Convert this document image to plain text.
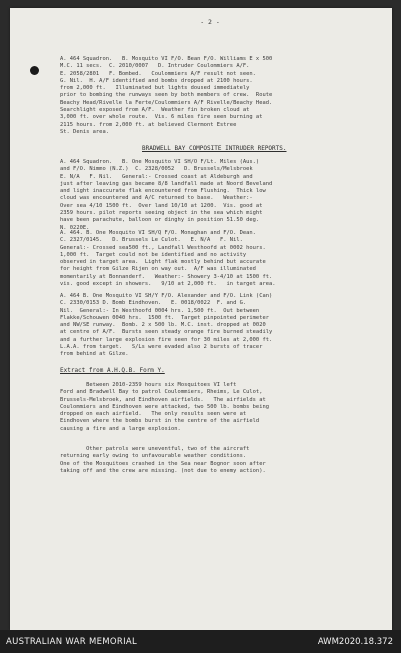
- 2 -
A. 464 Squadron.   B. Mosquito VI F/O. Bean F/O. Williams E x 500
M.C. 11 secs.  C. 2010/0007   D. Intruder Coulommiers A/F.
E. 2058/2801   F. Bombed.   Coulommiers A/F result not seen.
G. Nil.  H. A/F identified and bombs dropped at 2100 hours.
from 2,000 ft.   Illuminated but lights doused immediately
prior to bombing the runways seen by both members of crew.  Route
Beachy Head/Rivelle la Ferte/Coulommiers A/F Rivelle/Beachy Head.
Searchlight exposed from A/F.  Weather fin broken cloud at
3,000 ft. over whole route.  Vis. 6 miles fire seen burning at
2115 hours. from 2,000 ft. at believed Clermont Estree
St. Denis area.
BRADWELL BAY COMPOSITE INTRUDER REPORTS.
A. 464 Squadron.   B. One Mosquito VI SH/O F/Lt. Miles (Aus.)
and F/O. Nimmo (N.Z.)  C. 2328/0052   D. Brussels/Melsbroek
E. N/A   F. Nil.   General:- Crossed coast at Aldeburgh and
just after leaving gas became 8/8 landfall made at Noord Beveland
and light inaccurate flak encountered from Flushing.  Thick low
cloud was encountered and A/C returned to base.   Weather:-
Over sea 4/10 1500 ft.  Over land 10/10 at 1200.  Vis. good at
2359 hours. pilot reports seeing object in the sea which might
have been parachute, balloon or dinghy in position 51.50 deg.
N. 0220E.
A. 464. B. One Mosquito VI SH/Q F/O. Monaghan and F/O. Dean.
C. 2327/0145.   D. Brussels Le Culot.   E. N/A   F. Nil.
General:- Crossed sea500 ft., Landfall Westhoofd at 0002 hours.
1,000 ft.  Target could not be identified and no activity
observed in target area.  Light flak mostly behind but accurate
for height from Gilze Rijen on way out.  A/F was illuminated
momentarily at Bonnanderf.   Weather:- Showery 3-4/10 at 1500 ft.
vis. good except in showers.   9/10 at 2,000 ft.   in target area.
A. 464 B. One Mosquito VI SH/Y F/O. Alexander and F/O. Link (Can)
C. 2330/0153 D. Bomb Eindhoven.   E. 0018/0022  F. and G.
Nil.  General:- In Westhoofd 0004 hrs. 1,500 ft.  Out between
Flakke/Schouwen 0040 hrs.  1500 ft.  Target pinpointed perimeter
and NW/SE runway.  Bomb. 2 x 500 lb. M.C. inst. dropped at 0020
at centre of A/F.  Bursts seen steady orange fire burned steadily
and a further large explosion fire seen for 30 miles at 2,000 ft.
L.A.A. from target.   S/Ls were evaded also 2 bursts of tracer
from behind at Gilze.
Extract from A.H.Q.B. Form Y.
Between 2010-2359 hours six Mosquitoes VI left
Ford and Bradwell Bay to patrol Coulommiers, Rheims, Le Culot,
Brussels-Melsbroek, and Eindhoven airfields.   The airfields at
Coulommiers and Eindhoven were attacked, two 500 lb. bombs being
dropped on each airfield.   The only results seen were at
Eindhoven where the bombs burst in the centre of the airfield
causing a fire and a large explosion.
Other patrols were uneventful, two of the aircraft
returning early owing to unfavourable weather conditions.
One of the Mosquitoes crashed in the Sea near Bognor soon after
taking off and the crew are missing. (not due to enemy action).
AUSTRALIAN WAR MEMORIAL	AWM2020.18.372
